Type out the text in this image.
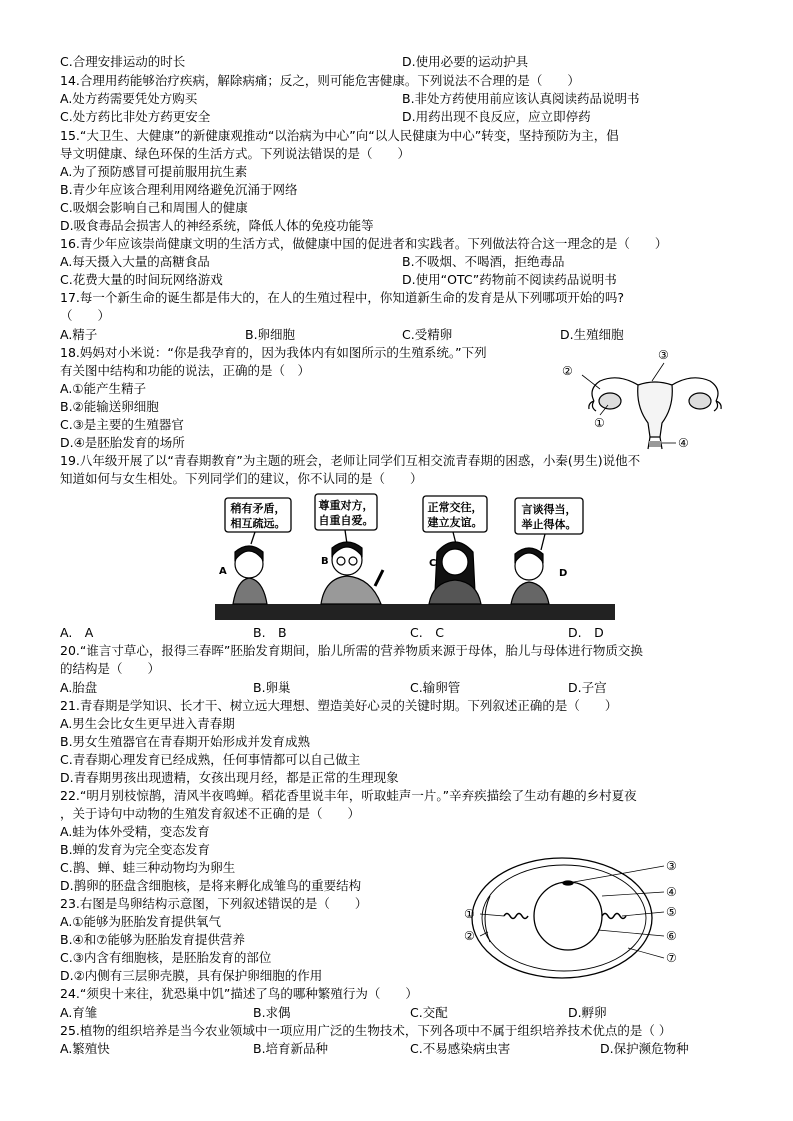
C.合理安排运动的时长	D.使用必要的运动护具
14.合理用药能够治疗疾病，解除病痛；反之，则可能危害健康。下列说法不合理的是（　　）
A.处方药需要凭处方购买	B.非处方药使用前应该认真阅读药品说明书
C.处方药比非处方药更安全	D.用药出现不良反应，应立即停药
15.“大卫生、大健康”的新健康观推动“以治病为中心”向“以人民健康为中心”转变，坚持预防为主，倡
导文明健康、绿色环保的生活方式。下列说法错误的是（　　）
A.为了预防感冒可提前服用抗生素
B.青少年应该合理利用网络避免沉涌于网络
C.吸烟会影响自己和周围人的健康
D.吸食毒品会损害人的神经系统，降低人体的免疫功能等
16.青少年应该崇尚健康文明的生活方式，做健康中国的促进者和实践者。下列做法符合这一理念的是（　　）
A.每天摄入大量的高糖食品	B.不吸烟、不喝酒，拒绝毒品
C.花费大量的时间玩网络游戏	D.使用“OTC”药物前不阅读药品说明书
17.每一个新生命的诞生都是伟大的，在人的生殖过程中，你知道新生命的发育是从下列哪项开始的吗?
（　　）
A.精子	B.卵细胞	C.受精卵	D.生殖细胞
18.妈妈对小米说：“你是我孕育的，因为我体内有如图所示的生殖系统。”下列
有关图中结构和功能的说法，正确的是（　）
A.①能产生精子
B.②能输送卵细胞
C.③是主要的生殖器官
D.④是胚胎发育的场所
③
②
①
④
19.八年级开展了以“青春期教育”为主题的班会，老师让同学们互相交流青春期的困惑，小秦(男生)说他不
知道如何与女生相处。下列同学们的建议，你不认同的是（　　）
稍有矛盾，
相互疏远。
尊重对方，
自重自爱。
正常交往，
建立友谊。
言谈得当，
举止得体。
A
B	C
D
A.　A	B.　B	C.　C	D.　D
20.“谁言寸草心，报得三春晖”胚胎发育期间，胎儿所需的营养物质来源于母体，胎儿与母体进行物质交换
的结构是（　　）
A.胎盘	B.卵巢	C.输卵管	D.子宫
21.青春期是学知识、长才干、树立远大理想、塑造美好心灵的关键时期。下列叙述正确的是（　　）
A.男生会比女生更早进入青春期
B.男女生殖器官在青春期开始形成并发育成熟
C.青春期心理发育已经成熟，任何事情都可以自己做主
D.青春期男孩出现遗精，女孩出现月经，都是正常的生理现象
22.“明月别枝惊鹊，清风半夜鸣蝉。稻花香里说丰年，听取蛙声一片。”辛弃疾描绘了生动有趣的乡村夏夜
，关于诗句中动物的生殖发育叙述不正确的是（　　）
A.蛙为体外受精，变态发育
B.蝉的发育为完全变态发育
C.鹊、蝉、蛙三种动物均为卵生
D.鹊卵的胚盘含细胞核，是将来孵化成雏鸟的重要结构
23.右图是鸟卵结构示意图，下列叙述错误的是（　　）
A.①能够为胚胎发育提供氧气
B.④和⑦能够为胚胎发育提供营养
C.③内含有细胞核，是胚胎发育的部位
D.②内侧有三层卵壳膜，具有保护卵细胞的作用
③
④
⑤
⑥
⑦
①
②
24.“须臾十来往，犹恐巢中饥”描述了鸟的哪种繁殖行为（　　）
A.育雏	B.求偶	C.交配	D.孵卵
25.植物的组织培养是当今农业领域中一项应用广泛的生物技术，下列各项中不属于组织培养技术优点的是（ ）
A.繁殖快	B.培育新品种	C.不易感染病虫害	D.保护濒危物种
